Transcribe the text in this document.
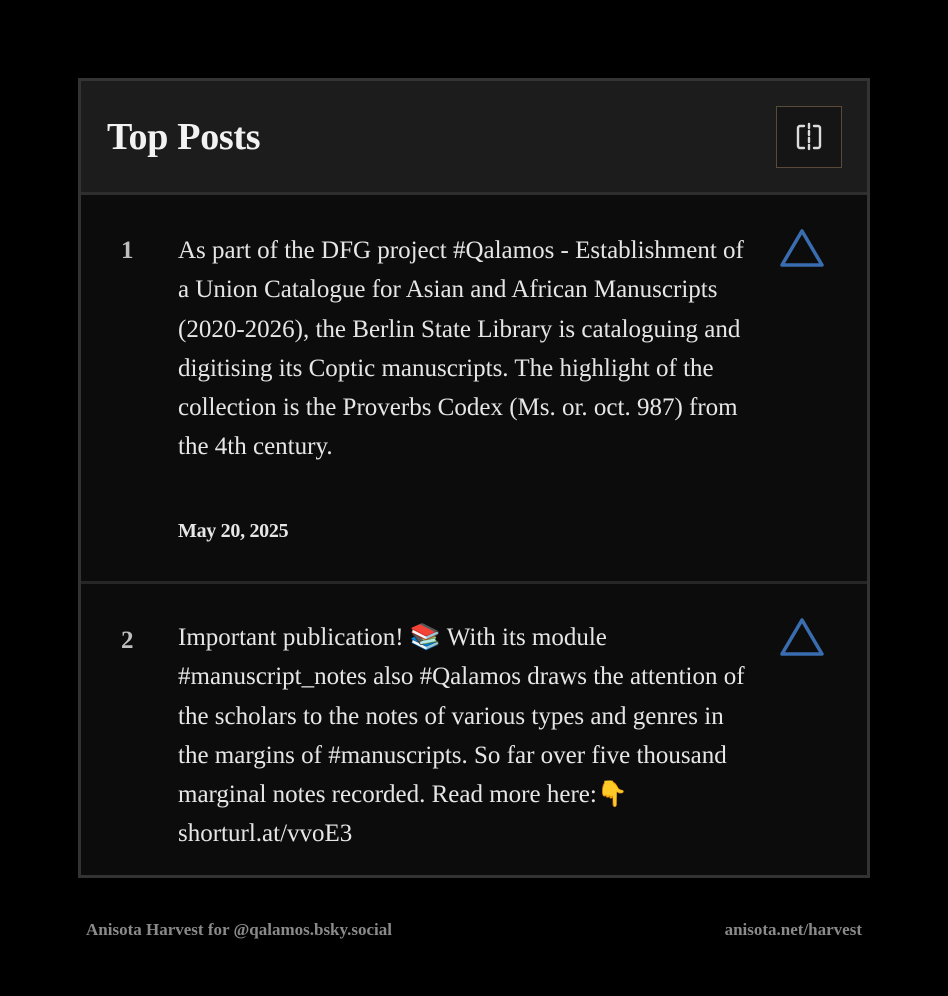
Top Posts
1 As part of the DFG project #Qalamos - Establishment of a Union Catalogue for Asian and African Manuscripts (2020-2026), the Berlin State Library is cataloguing and digitising its Coptic manuscripts. The highlight of the collection is the Proverbs Codex (Ms. or. oct. 987) from the 4th century.

May 20, 2025
2 Important publication! 📚 With its module #manuscript_notes also #Qalamos draws the attention of the scholars to the notes of various types and genres in the margins of #manuscripts. So far over five thousand marginal notes recorded. Read more here:👇 shorturl.at/vvoE3

Anisota Harvest for @qalamos.bsky.social	anisota.net/harvest
